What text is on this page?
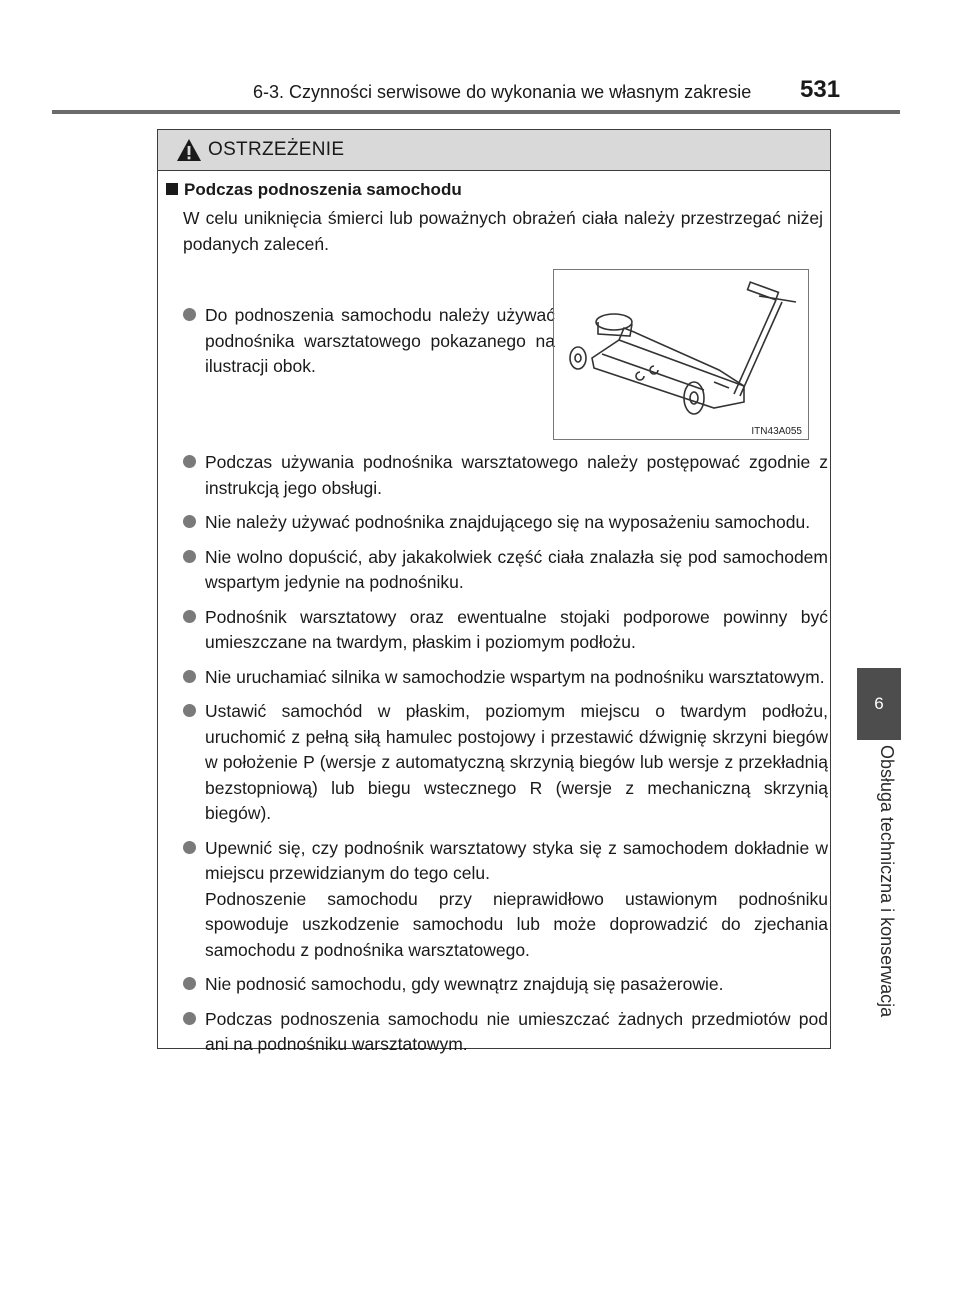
6-3. Czynności serwisowe do wykonania we własnym zakresie 531
6
Obsługa techniczna i konserwacja
OSTRZEŻENIE
Podczas podnoszenia samochodu
W celu uniknięcia śmierci lub poważnych obrażeń ciała należy przestrzegać niżej podanych zaleceń.
Do podnoszenia samochodu należy używać podnośnika warsztatowego pokazanego na ilustracji obok.
ITN43A055
Podczas używania podnośnika warsztatowego należy postępować zgodnie z instrukcją jego obsługi.
Nie należy używać podnośnika znajdującego się na wyposażeniu samochodu.
Nie wolno dopuścić, aby jakakolwiek część ciała znalazła się pod samochodem wspartym jedynie na podnośniku.
Podnośnik warsztatowy oraz ewentualne stojaki podporowe powinny być umieszczane na twardym, płaskim i poziomym podłożu.
Nie uruchamiać silnika w samochodzie wspartym na podnośniku warsztatowym.
Ustawić samochód w płaskim, poziomym miejscu o twardym podłożu, uruchomić z pełną siłą hamulec postojowy i przestawić dźwignię skrzyni biegów w położenie P (wersje z automatyczną skrzynią biegów lub wersje z przekładnią bezstopniową) lub biegu wstecznego R (wersje z mechaniczną skrzynią biegów).
Upewnić się, czy podnośnik warsztatowy styka się z samochodem dokładnie w miejscu przewidzianym do tego celu.
Podnoszenie samochodu przy nieprawidłowo ustawionym podnośniku spowoduje uszkodzenie samochodu lub może doprowadzić do zjechania samochodu z podnośnika warsztatowego.
Nie podnosić samochodu, gdy wewnątrz znajdują się pasażerowie.
Podczas podnoszenia samochodu nie umieszczać żadnych przedmiotów pod ani na podnośniku warsztatowym.
